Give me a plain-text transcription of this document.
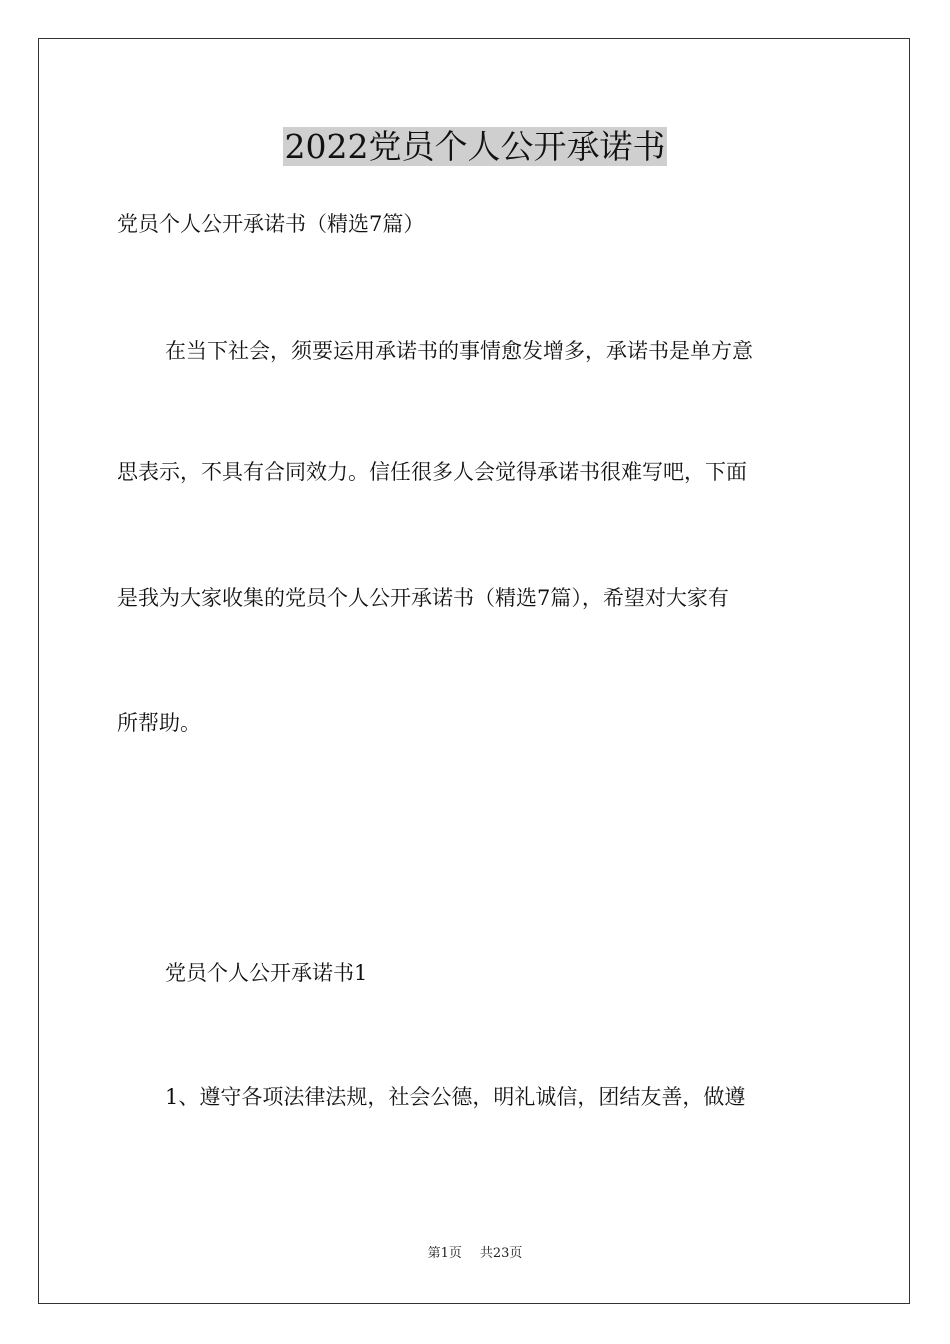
2022党员个人公开承诺书

党员个人公开承诺书（精选7篇）

在当下社会，须要运用承诺书的事情愈发增多，承诺书是单方意

思表示，不具有合同效力。信任很多人会觉得承诺书很难写吧，下面

是我为大家收集的党员个人公开承诺书（精选7篇），希望对大家有

所帮助。

党员个人公开承诺书1

1、遵守各项法律法规，社会公德，明礼诚信，团结友善，做遵

第1页 共23页
